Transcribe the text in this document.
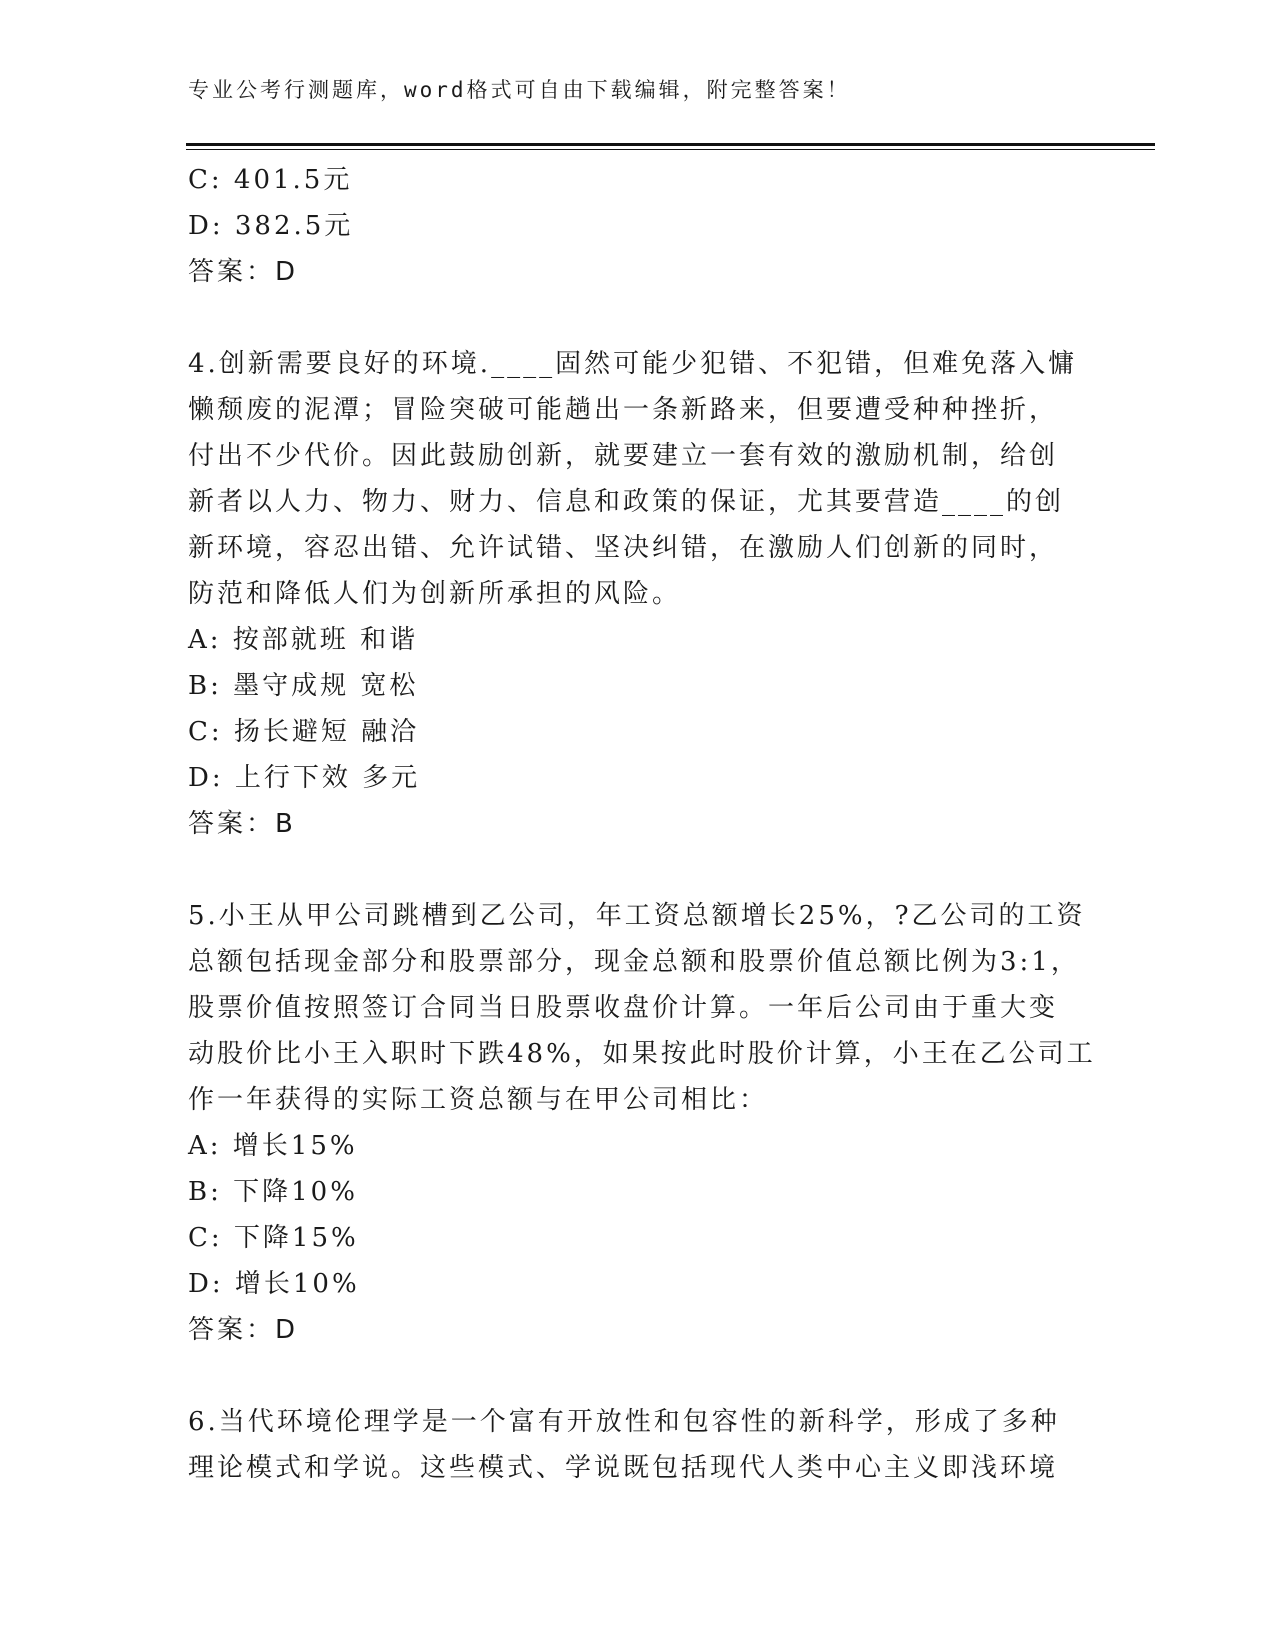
专业公考行测题库，word格式可自由下载编辑，附完整答案！
C: 401.5元
D: 382.5元
答案：D
4.创新需要良好的环境.____固然可能少犯错、不犯错，但难免落入慵
懒颓废的泥潭；冒险突破可能趟出一条新路来，但要遭受种种挫折，
付出不少代价。因此鼓励创新，就要建立一套有效的激励机制，给创
新者以人力、物力、财力、信息和政策的保证，尤其要营造____的创
新环境，容忍出错、允许试错、坚决纠错，在激励人们创新的同时，
防范和降低人们为创新所承担的风险。
A: 按部就班 和谐
B: 墨守成规 宽松
C: 扬长避短 融洽
D: 上行下效 多元
答案：B
5.小王从甲公司跳槽到乙公司，年工资总额增长25%，?乙公司的工资
总额包括现金部分和股票部分，现金总额和股票价值总额比例为3:1，
股票价值按照签订合同当日股票收盘价计算。一年后公司由于重大变
动股价比小王入职时下跌48%，如果按此时股价计算，小王在乙公司工
作一年获得的实际工资总额与在甲公司相比：
A: 增长15%
B: 下降10%
C: 下降15%
D: 增长10%
答案：D
6.当代环境伦理学是一个富有开放性和包容性的新科学，形成了多种
理论模式和学说。这些模式、学说既包括现代人类中心主义即浅环境
